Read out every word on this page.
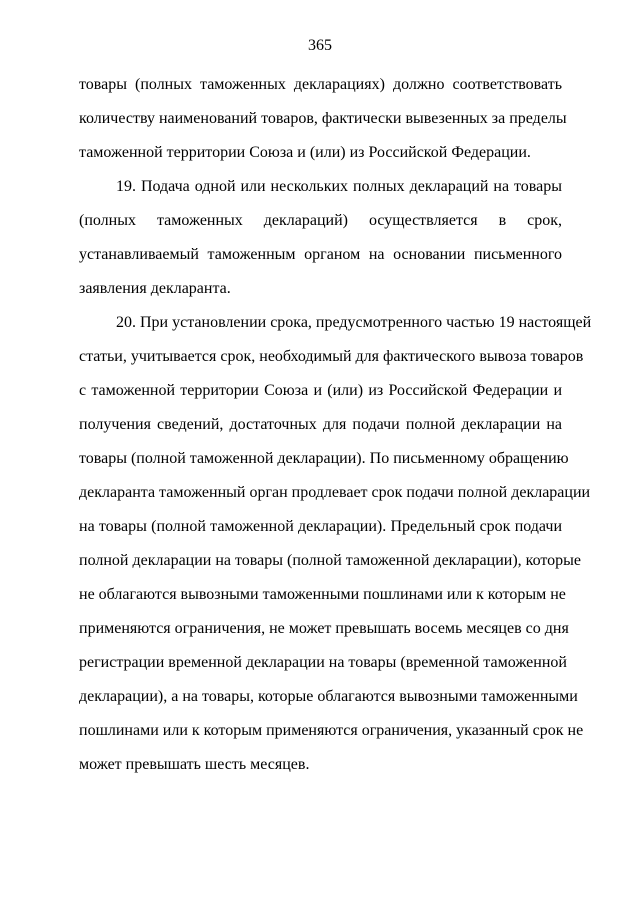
365
товары (полных таможенных декларациях) должно соответствовать
количеству наименований товаров, фактически вывезенных за пределы
таможенной территории Союза и (или) из Российской Федерации.
19. Подача одной или нескольких полных деклараций на товары
(полных таможенных деклараций) осуществляется в срок,
устанавливаемый таможенным органом на основании письменного
заявления декларанта.
20. При установлении срока, предусмотренного частью 19 настоящей
статьи, учитывается срок, необходимый для фактического вывоза товаров
с таможенной территории Союза и (или) из Российской Федерации и
получения сведений, достаточных для подачи полной декларации на
товары (полной таможенной декларации). По письменному обращению
декларанта таможенный орган продлевает срок подачи полной декларации
на товары (полной таможенной декларации). Предельный срок подачи
полной декларации на товары (полной таможенной декларации), которые
не облагаются вывозными таможенными пошлинами или к которым не
применяются ограничения, не может превышать восемь месяцев со дня
регистрации временной декларации на товары (временной таможенной
декларации), а на товары, которые облагаются вывозными таможенными
пошлинами или к которым применяются ограничения, указанный срок не
может превышать шесть месяцев.
